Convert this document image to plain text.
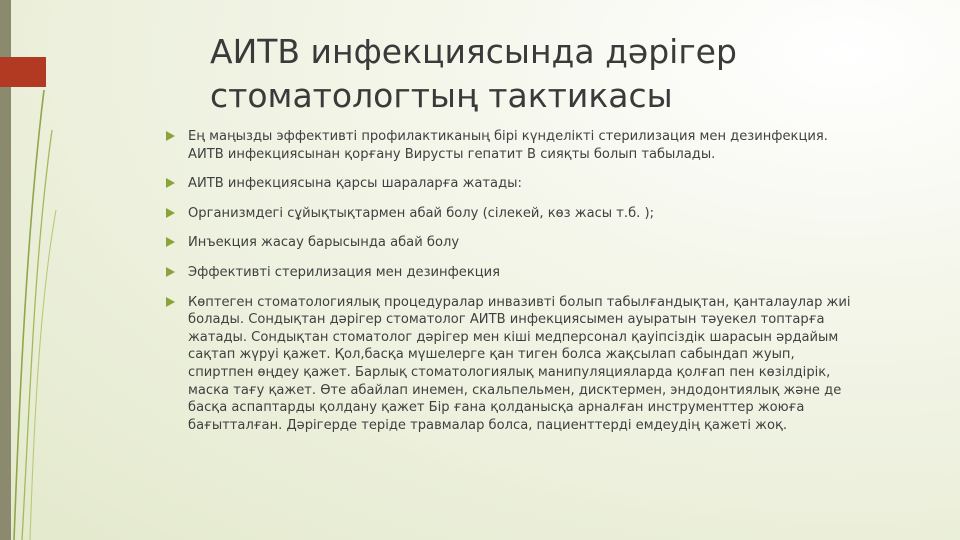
АИТВ инфекциясында дәрігер
стоматологтың тактикасы
Ең маңызды эффективті профилактиканың бірі күнделікті стерилизация мен дезинфекция. АИТВ инфекциясынан қорғану Вирусты гепатит В сияқты болып табылады.
АИТВ инфекциясына қарсы шараларға жатады:
Организмдегі сұйықтықтармен абай болу (сілекей, көз жасы т.б. );
Инъекция жасау барысында абай болу
Эффективті стерилизация мен дезинфекция
Көптеген стоматологиялық процедуралар инвазивті болып табылғандықтан, қанталаулар жиі болады. Сондықтан дәрігер стоматолог АИТВ инфекциясымен ауыратын тәуекел топтарға жатады. Сондықтан стоматолог дәрігер мен кіші медперсонал қауіпсіздік шарасын әрдайым сақтап жүруі қажет. Қол,басқа мүшелерге қан тиген болса жақсылап сабындап жуып, спиртпен өңдеу қажет. Барлық стоматологиялық манипуляцияларда қолғап пен көзілдірік, маска тағу қажет. Өте абайлап инемен, скальпельмен, дисктермен, эндодонтиялық және де басқа аспаптарды қолдану қажет Бір ғана қолданысқа арналған инструменттер жоюға бағытталған. Дәрігерде теріде травмалар болса, пациенттерді емдеудің қажеті жоқ.
